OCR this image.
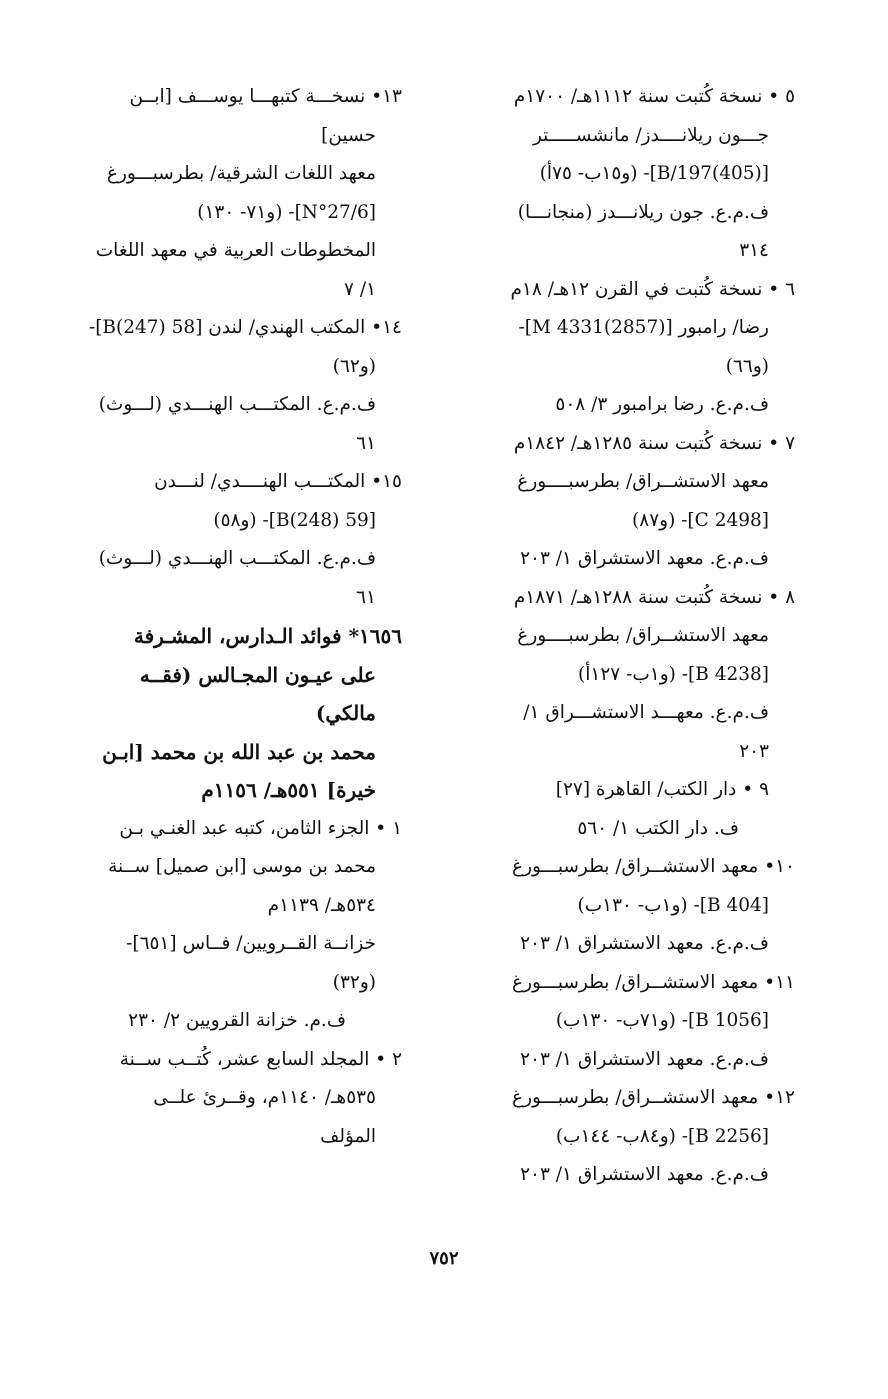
٥ • نسخة كُتبت سنة ١١١٢هـ/ ١٧٠٠م
جـــون ريلانــــدز/ مانشســـــتر
[B/197(405)]- (و١٥ب- ٧٥أ)
ف.م.ع. جون ريلانـــدز (منجانـــا)
٣١٤
٦ • نسخة كُتبت في القرن ١٢هـ/ ١٨م
رضا/ رامبور [M 4331(2857)]-
(و٦٦)
ف.م.ع. رضا برامبور ٣/ ٥٠٨
٧ • نسخة كُتبت سنة ١٢٨٥هـ/ ١٨٤٢م
معهد الاستشــراق/ بطرسبــــورغ
[C 2498]- (و٨٧)
ف.م.ع. معهد الاستشراق ١/ ٢٠٣
٨ • نسخة كُتبت سنة ١٢٨٨هـ/ ١٨٧١م
معهد الاستشــراق/ بطرسبــــورغ
[B 4238]- (و١ب- ١٢٧أ)
ف.م.ع. معهـــد الاستشـــراق ١/
٢٠٣
٩ • دار الكتب/ القاهرة [٢٧]
ف. دار الكتب ١/ ٥٦٠
١٠• معهد الاستشــراق/ بطرسبـــورغ
[B 404]- (و١ب- ١٣٠ب)
ف.م.ع. معهد الاستشراق ١/ ٢٠٣
١١• معهد الاستشــراق/ بطرسبـــورغ
[B 1056]- (و٧١ب- ١٣٠ب)
ف.م.ع. معهد الاستشراق ١/ ٢٠٣
١٢• معهد الاستشــراق/ بطرسبـــورغ
[B 2256]- (و٨٤ب- ١٤٤ب)
ف.م.ع. معهد الاستشراق ١/ ٢٠٣
١٣• نسخـــة كتبهـــا يوســـف [ابــن
حسين]
معهد اللغات الشرقية/ بطرسبـــورغ
[N°27/6]- (و٧١- ١٣٠)
المخطوطات العربية في معهد اللغات
١/ ٧
١٤• المكتب الهندي/ لندن [58 B(247)]-
(و٦٢)
ف.م.ع. المكتـــب الهنـــدي (لـــوث)
٦١
١٥• المكتـــب الهنــــدي/ لنـــدن
[59 B(248)]- (و٥٨)
ف.م.ع. المكتـــب الهنـــدي (لـــوث)
٦١
١٦٥٦* فوائد الـدارس، المشـرفة
على عيـون المجـالس (فقــه
مالكي)
محمد بن عبد الله بن محمد [ابـن
خيرة] ٥٥١هـ/ ١١٥٦م
١ • الجزء الثامن، كتبه عبد الغنـي بـن
محمد بن موسى [ابن صميل] ســنة
٥٣٤هـ/ ١١٣٩م
خزانــة القــرويين/ فــاس [٦٥١]-
(و٣٢)
ف.م. خزانة القرويين ٢/ ٢٣٠
٢ • المجلد السابع عشر، كُتــب ســنة
٥٣٥هـ/ ١١٤٠م، وقــرئ علــى
المؤلف
٧٥٢
